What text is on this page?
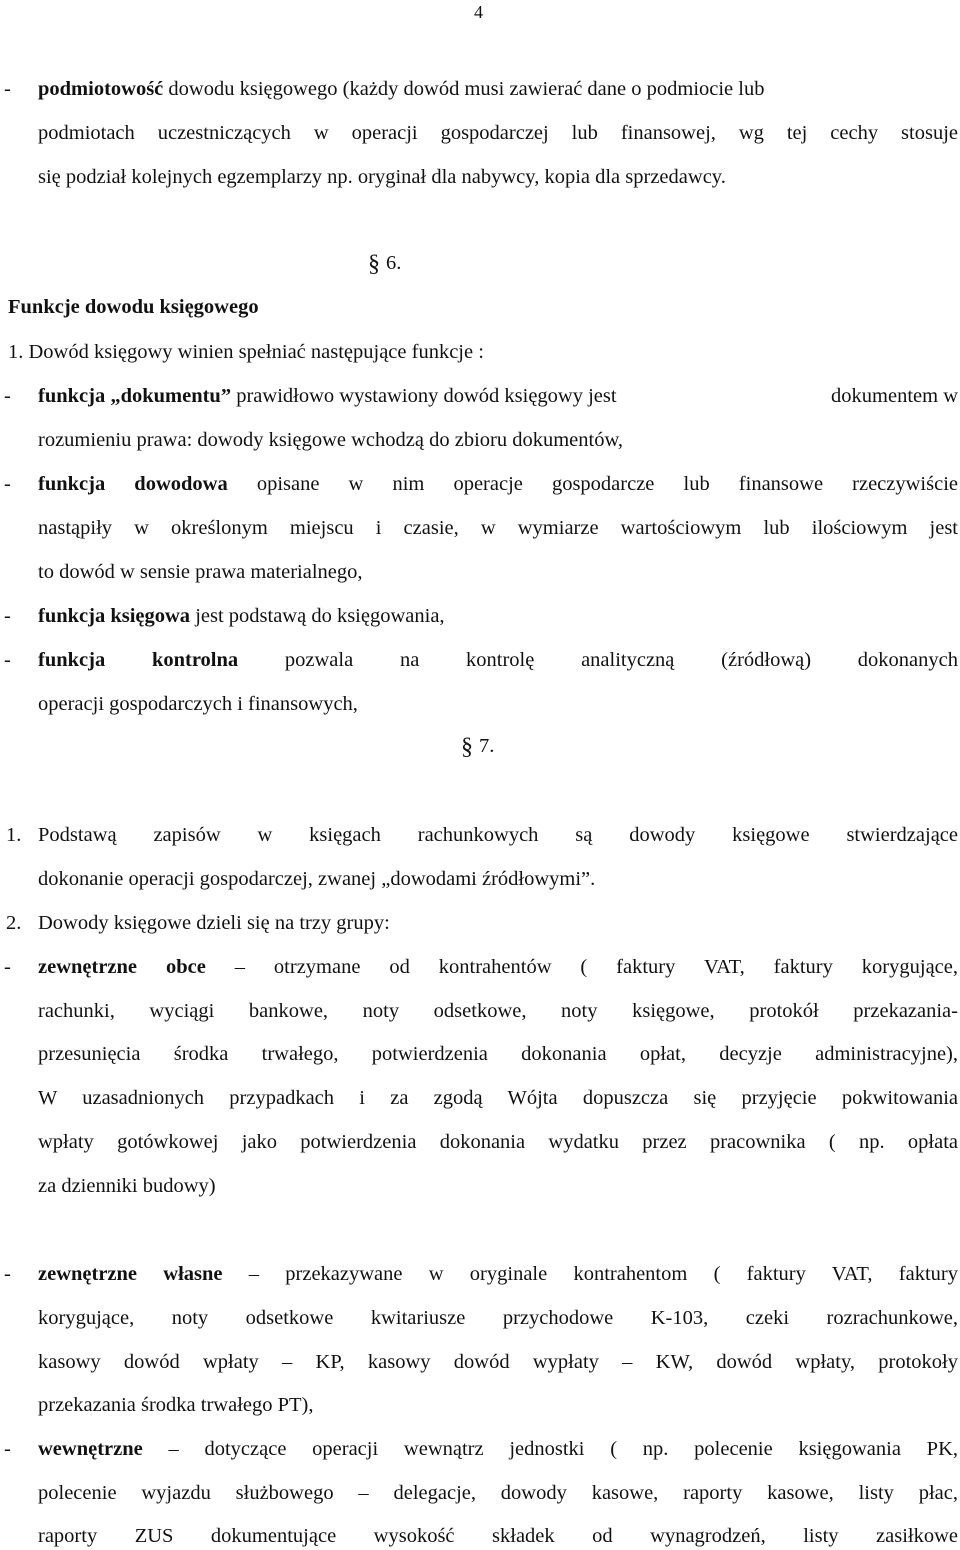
4
- podmiotowość dowodu księgowego (każdy dowód musi zawierać dane o podmiocie lub
podmiotach uczestniczących w operacji gospodarczej lub finansowej, wg tej cechy stosuje
się podział kolejnych egzemplarzy np. oryginał dla nabywcy, kopia dla sprzedawcy.
§ 6.
Funkcje dowodu księgowego
1. Dowód księgowy winien spełniać następujące funkcje :
- funkcja „dokumentu” prawidłowo wystawiony dowód księgowy jest	dokumentem w
rozumieniu prawa: dowody księgowe wchodzą do zbioru dokumentów,
- funkcja dowodowa opisane w nim operacje gospodarcze lub finansowe rzeczywiście
nastąpiły w określonym miejscu i czasie, w wymiarze wartościowym lub ilościowym jest
to dowód w sensie prawa materialnego,
- funkcja księgowa jest podstawą do księgowania,
- funkcja kontrolna pozwala na kontrolę analityczną (źródłową) dokonanych
operacji gospodarczych i finansowych,
§ 7.
1. Podstawą zapisów w księgach rachunkowych są dowody księgowe stwierdzające
dokonanie operacji gospodarczej, zwanej „dowodami źródłowymi”.
2. Dowody księgowe dzieli się na trzy grupy:
- zewnętrzne obce – otrzymane od kontrahentów ( faktury VAT, faktury korygujące,
rachunki, wyciągi bankowe, noty odsetkowe, noty księgowe, protokół przekazania-
przesunięcia środka trwałego, potwierdzenia dokonania opłat, decyzje administracyjne),
W uzasadnionych przypadkach i za zgodą Wójta dopuszcza się przyjęcie pokwitowania
wpłaty gotówkowej jako potwierdzenia dokonania wydatku przez pracownika ( np. opłata
za dzienniki budowy)
- zewnętrzne własne – przekazywane w oryginale kontrahentom ( faktury VAT, faktury
korygujące, noty odsetkowe kwitariusze przychodowe K-103, czeki rozrachunkowe,
kasowy dowód wpłaty – KP, kasowy dowód wypłaty – KW, dowód wpłaty, protokoły
przekazania środka trwałego PT),
- wewnętrzne – dotyczące operacji wewnątrz jednostki ( np. polecenie księgowania PK,
polecenie wyjazdu służbowego – delegacje, dowody kasowe, raporty kasowe, listy płac,
raporty ZUS dokumentujące wysokość składek od wynagrodzeń, listy zasiłkowe
